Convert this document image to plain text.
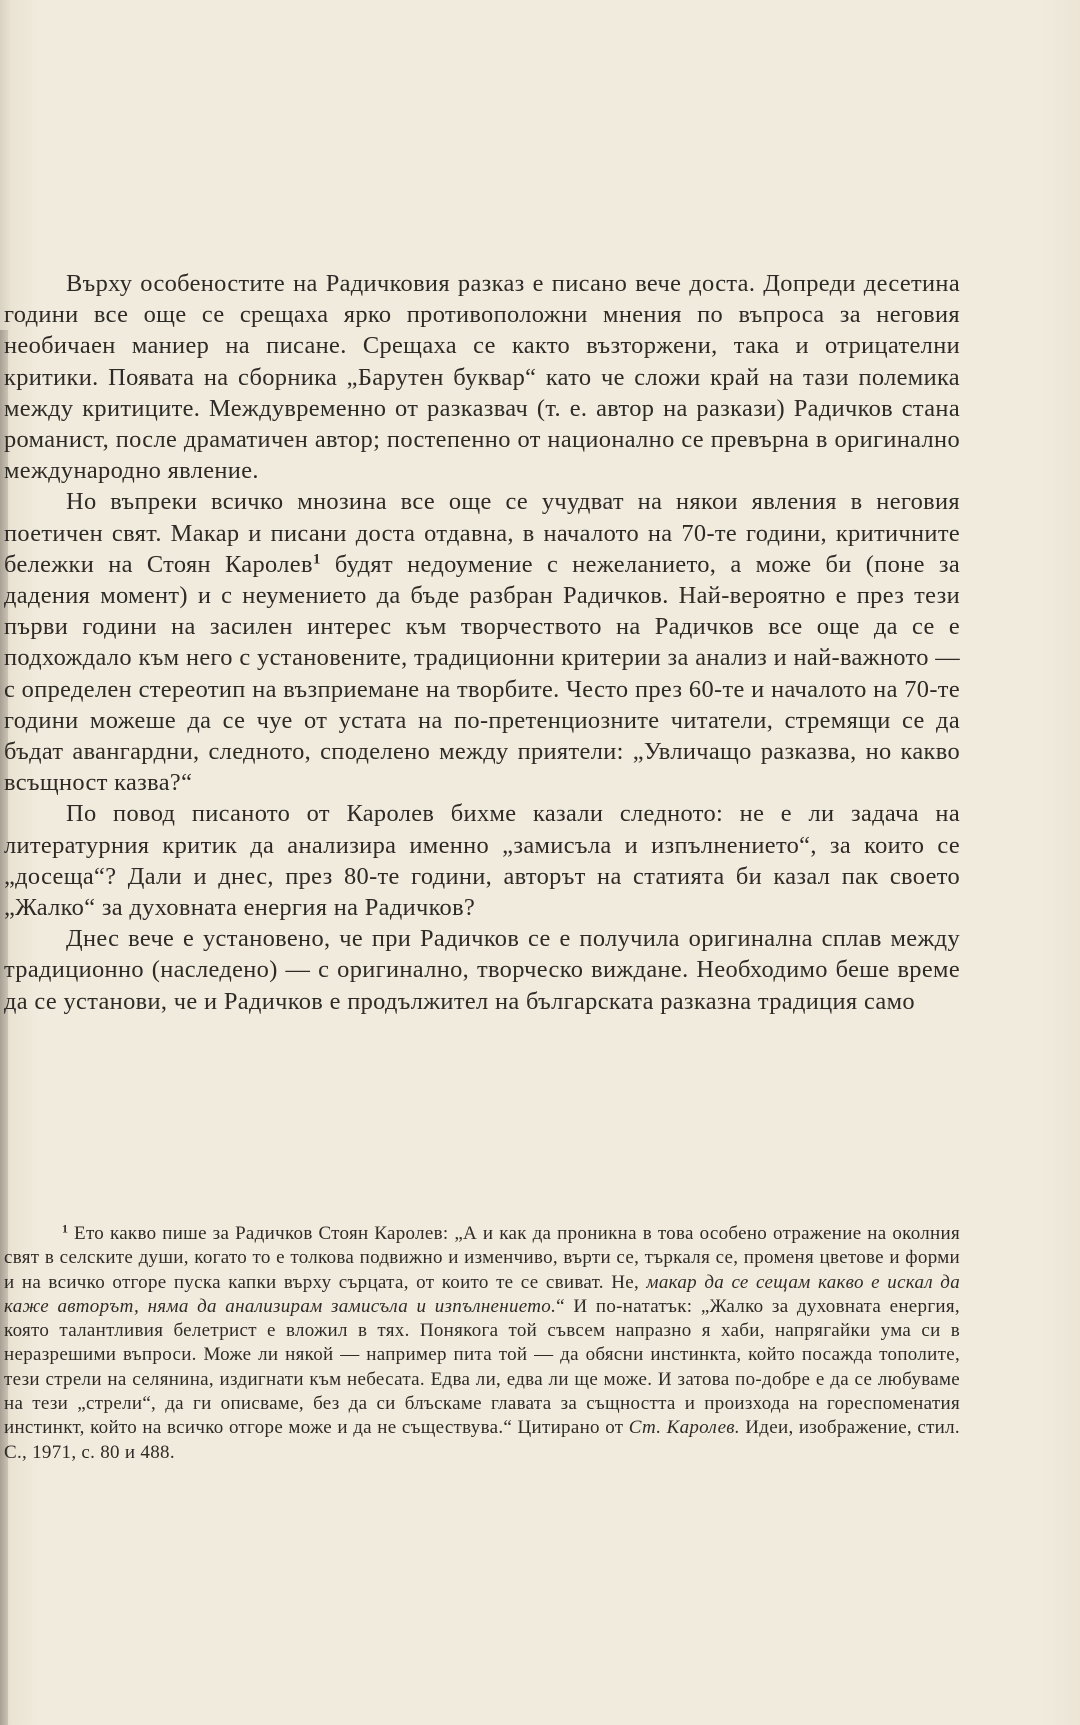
Върху особеностите на Радичковия разказ е писано вече доста. Допреди десетина години все още се срещаха ярко противоположни мнения по въпроса за неговия необичаен маниер на писане. Срещаха се както възторжени, така и отрицателни критики. Появата на сборника „Барутен буквар“ като че сложи край на тази полемика между критиците. Междувременно от разказвач (т. е. автор на разкази) Радичков стана романист, после драматичен автор; постепенно от национално се превърна в оригинално международно явление.

Но въпреки всичко мнозина все още се учудват на някои явления в неговия поетичен свят. Макар и писани доста отдавна, в началото на 70-те години, критичните бележки на Стоян Каролев$^1$ будят недоумение с нежеланието, а може би (поне за дадения момент) и с неумението да бъде разбран Радичков. Най-вероятно е през тези първи години на засилен интерес към творчеството на Радичков все още да се е подхождало към него с установените, традиционни критерии за анализ и най-важното — с определен стереотип на възприемане на творбите. Често през 60-те и началото на 70-те години можеше да се чуе от устата на по-претенциозните читатели, стремящи се да бъдат авангардни, следното, споделено между приятели: „Увличащо разказва, но какво всъщност казва?“

По повод писаното от Каролев бихме казали следното: не е ли задача на литературния критик да анализира именно „замисъла и изпълнението“, за които се „досеща“? Дали и днес, през 80-те години, авторът на статията би казал пак своето „Жалко“ за духовната енергия на Радичков?

Днес вече е установено, че при Радичков се е получила оригинална сплав между традиционно (наследено) — с оригинално, творческо виждане. Необходимо беше време да се установи, че и Радичков е продължител на българската разказна традиция само

$^1$ Ето какво пише за Радичков Стоян Каролев: „А и как да проникна в това особено отражение на околния свят в селските души, когато то е толкова подвижно и изменчиво, върти се, търкаля се, променя цветове и форми и на всичко отгоре пуска капки върху сърцата, от които те се свиват. Не, макар да се сещам какво е искал да каже авторът, няма да анализирам замисъла и изпълнението.“ И по-нататък: „Жалко за духовната енергия, която талантливия белетрист е вложил в тях. Понякога той съвсем напразно я хаби, напрягайки ума си в неразрешими въпроси. Може ли някой — например пита той — да обясни инстинкта, който посажда тополите, тези стрели на селянина, издигнати към небесата. Едва ли, едва ли ще може. И затова по-добре е да се любуваме на тези „стрели“, да ги описваме, без да си блъскаме главата за същността и произхода на гореспоменатия инстинкт, който на всичко отгоре може и да не съществува.“ Цитирано от Ст. Каролев. Идеи, изображение, стил. С., 1971, с. 80 и 488.
